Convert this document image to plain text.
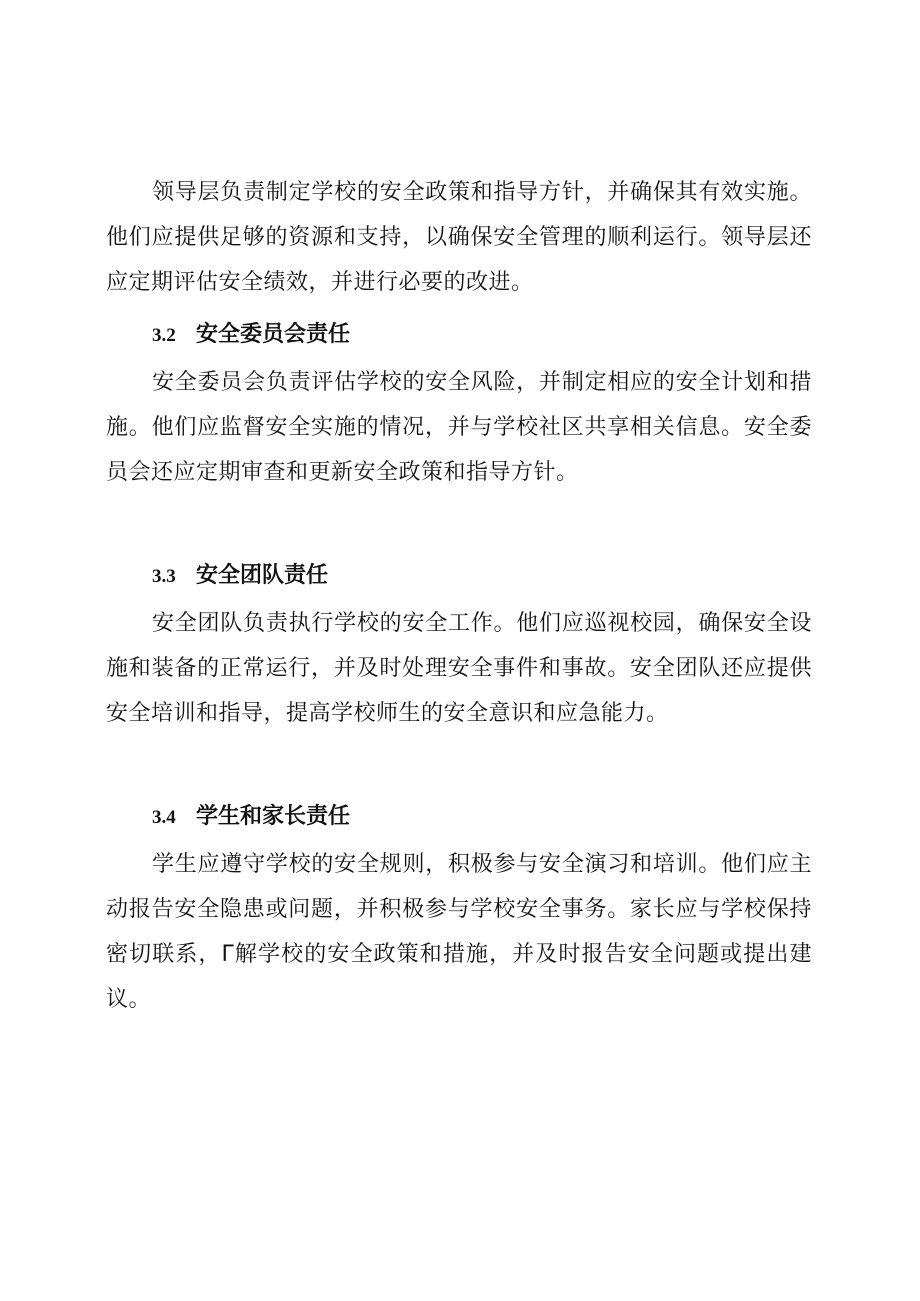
领导层负责制定学校的安全政策和指导方针，并确保其有效实施。他们应提供足够的资源和支持，以确保安全管理的顺利运行。领导层还应定期评估安全绩效，并进行必要的改进。

3.2 安全委员会责任

安全委员会负责评估学校的安全风险，并制定相应的安全计划和措施。他们应监督安全实施的情况，并与学校社区共享相关信息。安全委员会还应定期审查和更新安全政策和指导方针。

3.3 安全团队责任

安全团队负责执行学校的安全工作。他们应巡视校园，确保安全设施和装备的正常运行，并及时处理安全事件和事故。安全团队还应提供安全培训和指导，提高学校师生的安全意识和应急能力。

3.4 学生和家长责任

学生应遵守学校的安全规则，积极参与安全演习和培训。他们应主动报告安全隐患或问题，并积极参与学校安全事务。家长应与学校保持密切联系，Γ解学校的安全政策和措施，并及时报告安全问题或提出建议。
